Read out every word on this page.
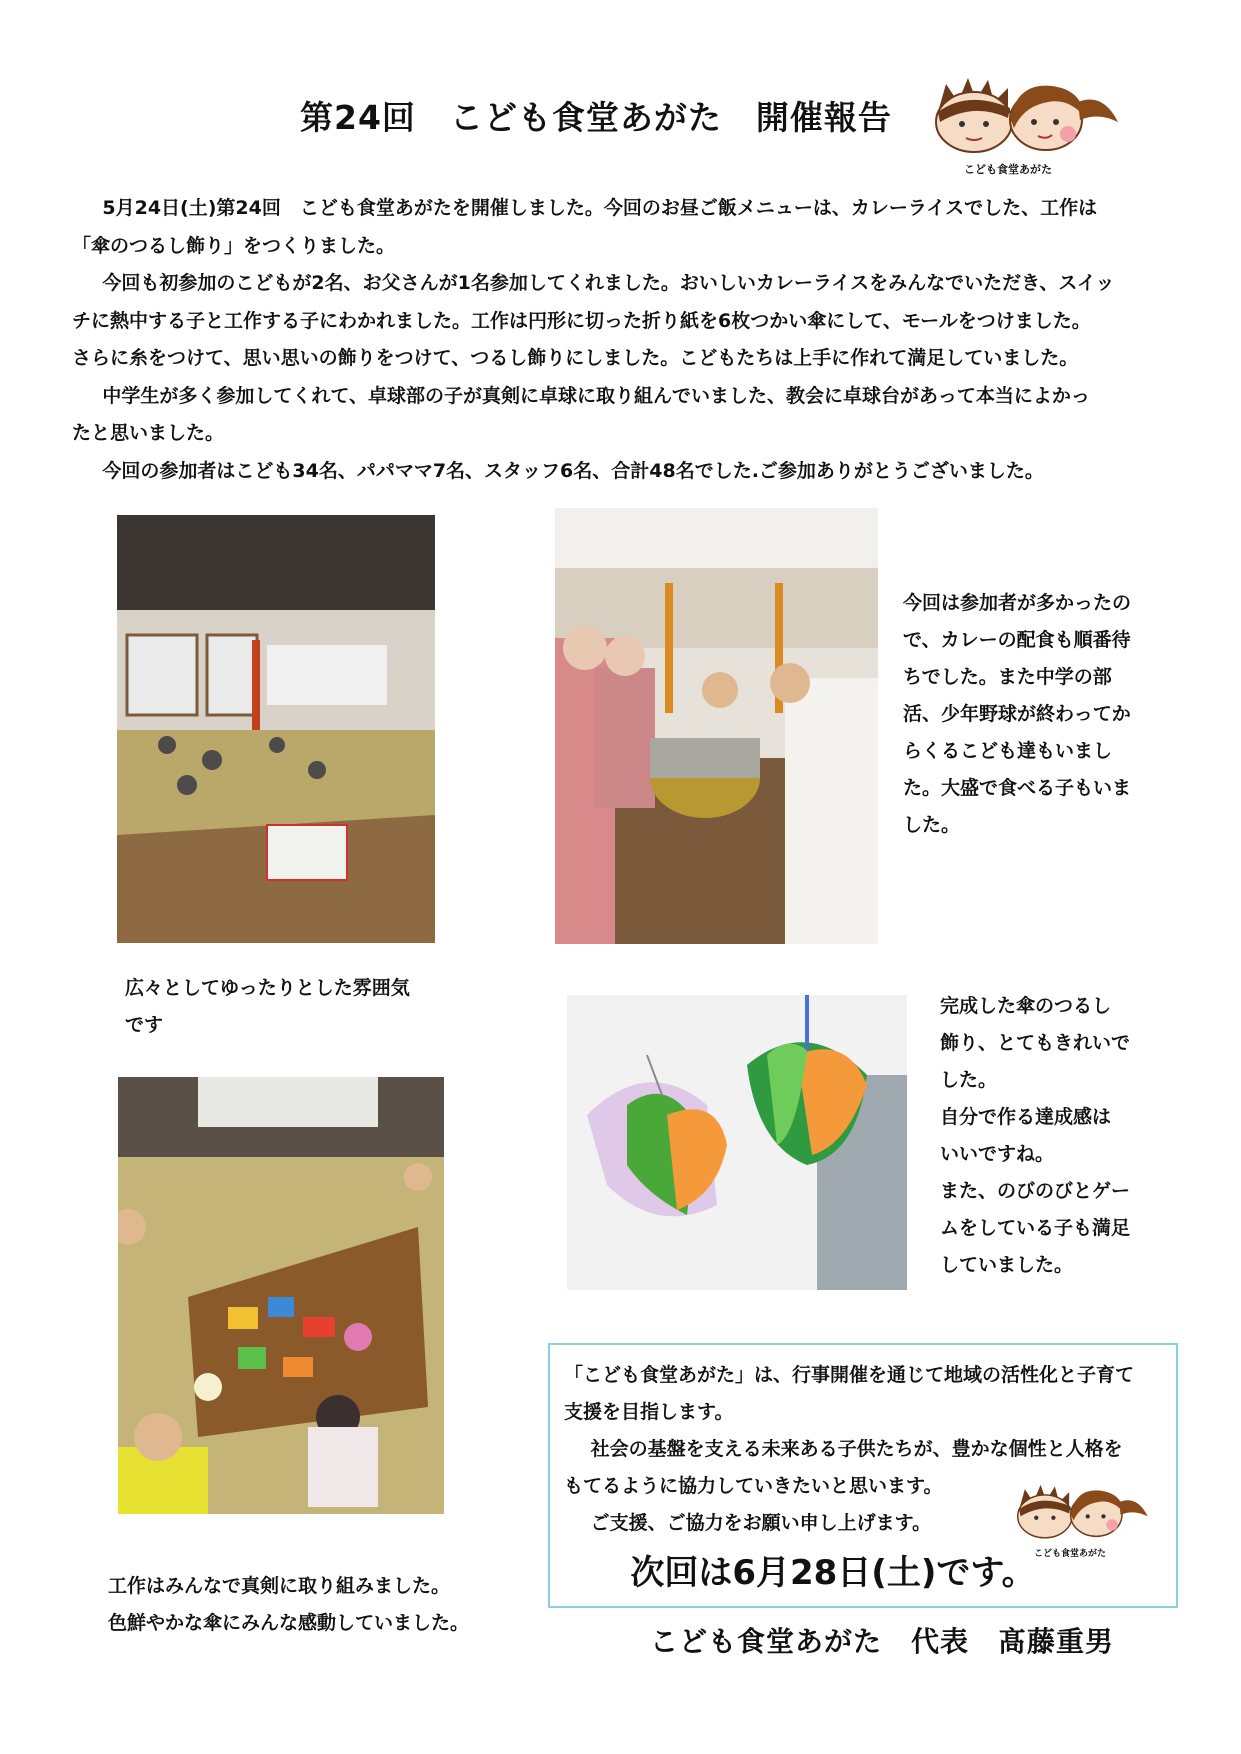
第24回　こども食堂あがた　開催報告
こども食堂あがた

5月24日(土)第24回　こども食堂あがたを開催しました。今回のお昼ご飯メニューは、カレーライスでした、工作は

「傘のつるし飾り」をつくりました。

今回も初参加のこどもが2名、お父さんが1名参加してくれました。おいしいカレーライスをみんなでいただき、スイッ

チに熱中する子と工作する子にわかれました。工作は円形に切った折り紙を6枚つかい傘にして、モールをつけました。

さらに糸をつけて、思い思いの飾りをつけて、つるし飾りにしました。こどもたちは上手に作れて満足していました。

中学生が多く参加してくれて、卓球部の子が真剣に卓球に取り組んでいました、教会に卓球台があって本当によかっ

たと思いました。

今回の参加者はこども34名、パパママ7名、スタッフ6名、合計48名でした.ご参加ありがとうございました。

今回は参加者が多かったの
で、カレーの配食も順番待
ちでした。また中学の部
活、少年野球が終わってか
らくるこども達もいまし
た。大盛で食べる子もいま
した。
広々としてゆったりとした雰囲気
です
完成した傘のつるし
飾り、とてもきれいで
した。
自分で作る達成感は
いいですね。
また、のびのびとゲー
ムをしている子も満足
していました。

「こども食堂あがた」は、行事開催を通じて地域の活性化と子育て

支援を目指します。

社会の基盤を支える未来ある子供たちが、豊かな個性と人格を

もてるように協力していきたいと思います。

ご支援、ご協力をお願い申し上げます。

次回は6月28日(土)です。

こども食堂あがた
工作はみんなで真剣に取り組みました。
色鮮やかな傘にみんな感動していました。
こども食堂あがた　代表　髙藤重男
